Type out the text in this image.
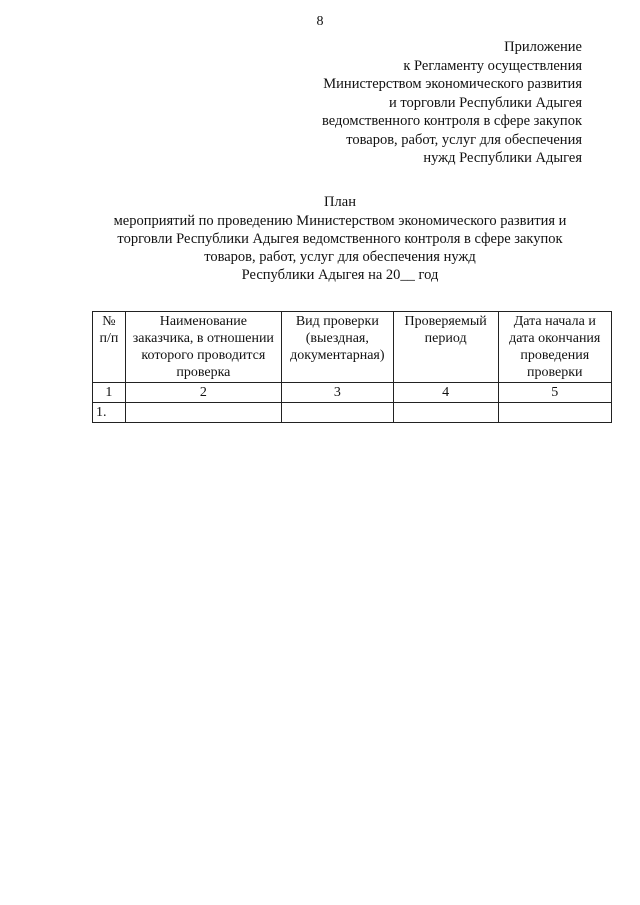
8
Приложение
к Регламенту осуществления
Министерством экономического развития
и торговли Республики Адыгея
ведомственного контроля в сфере закупок
товаров, работ, услуг для обеспечения
нужд Республики Адыгея
План
мероприятий по проведению Министерством экономического развития и
торговли Республики Адыгея ведомственного контроля в сфере закупок
товаров, работ, услуг для обеспечения нужд
Республики Адыгея на 20__ год
№ п/п	Наименование заказчика, в отношении которого проводится проверка	Вид проверки (выездная, документарная)	Проверяемый период	Дата начала и дата окончания проведения проверки
1	2	3	4	5
1.				
